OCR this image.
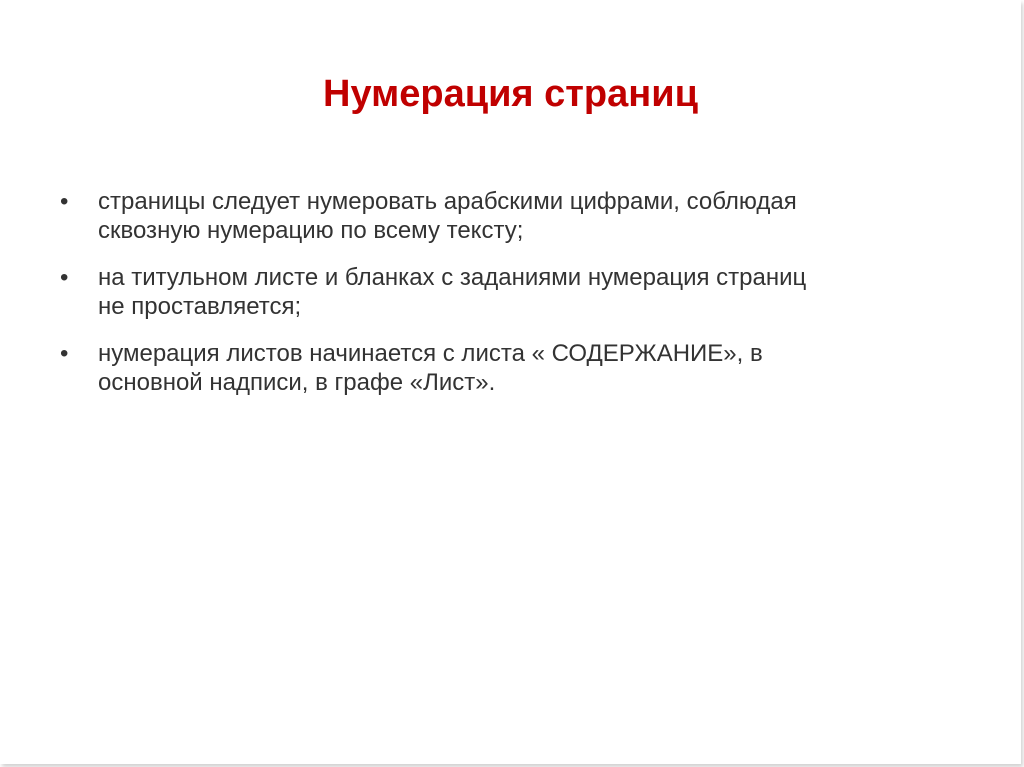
Нумерация страниц
•	страницы следует нумеровать арабскими цифрами, соблюдая
сквозную нумерацию по всему тексту;
•	на титульном листе и бланках с заданиями нумерация страниц
не проставляется;
•	нумерация листов начинается с листа « СОДЕРЖАНИЕ», в
основной надписи, в графе «Лист».
